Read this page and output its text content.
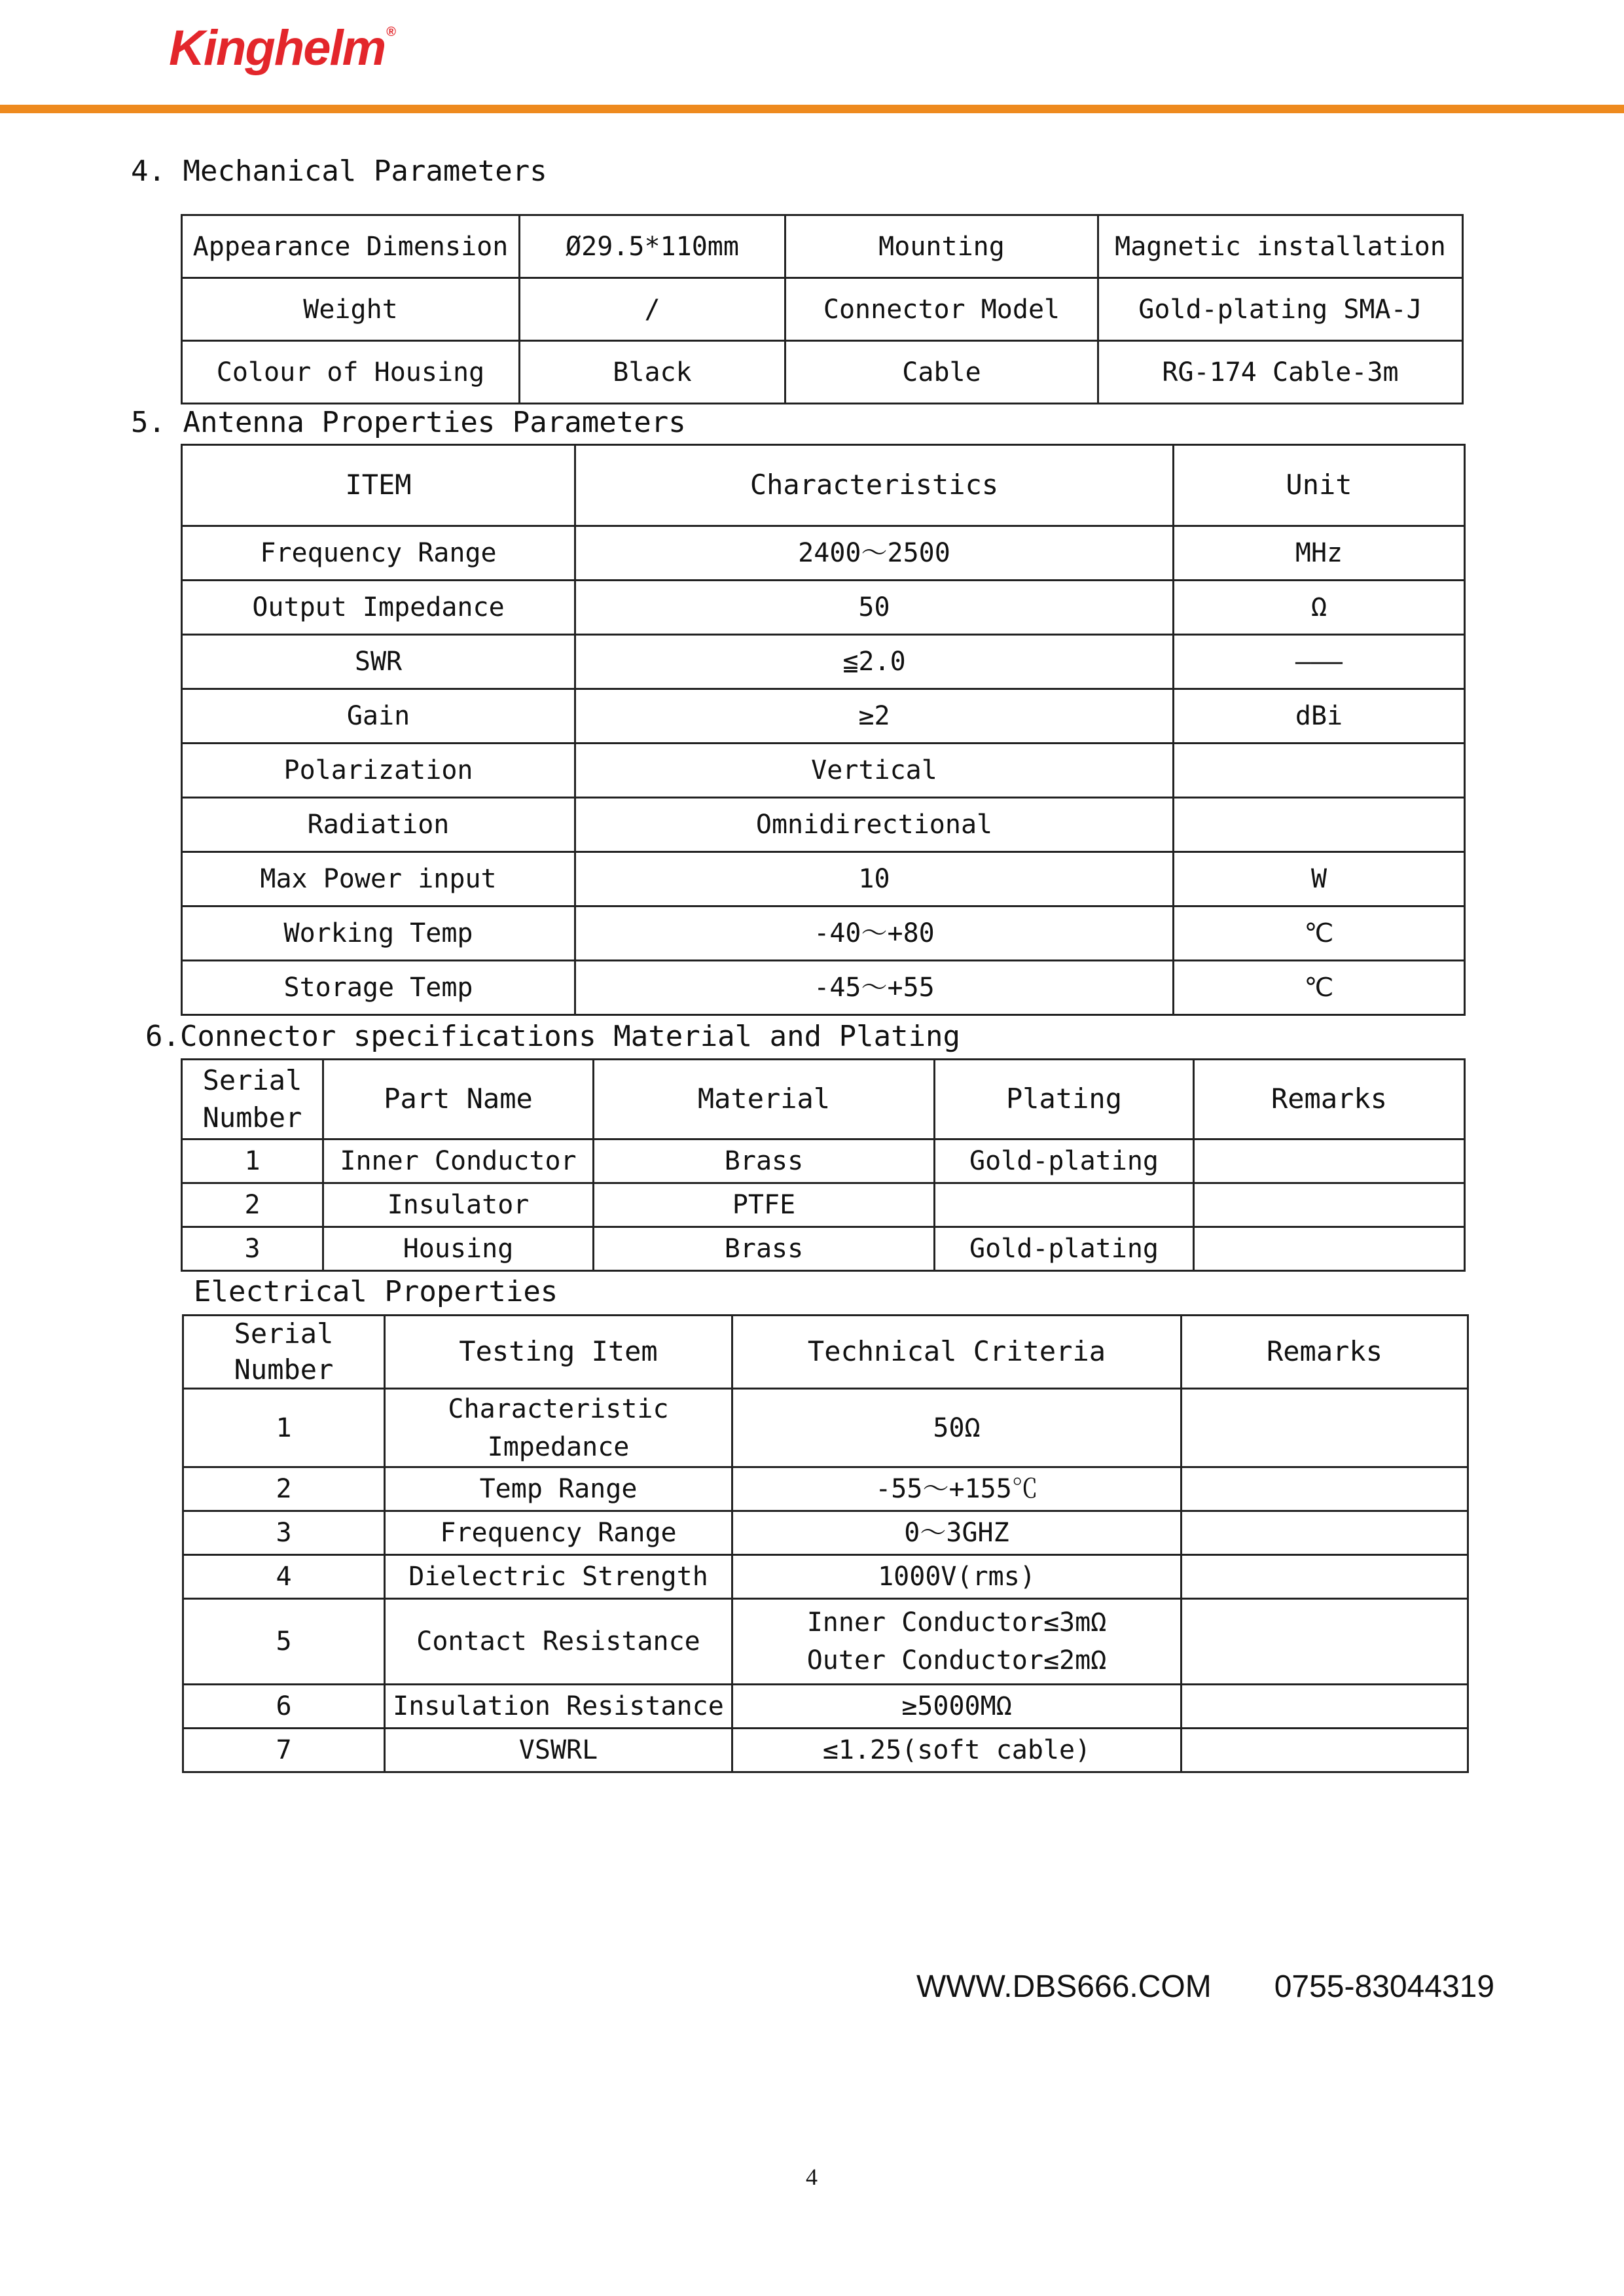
Kinghelm ®
4. Mechanical Parameters
Appearance Dimension	Ø29.5*110mm	Mounting	Magnetic installation
Weight	/	Connector Model	Gold-plating SMA-J
Colour of Housing	Black	Cable	RG-174 Cable-3m
5. Antenna Properties Parameters
ITEM	Characteristics	Unit
Frequency Range	2400～2500	MHz
Output Impedance	50	Ω
SWR	≦2.0	———
Gain	≥2	dBi
Polarization	Vertical	
Radiation	Omnidirectional	
Max Power input	10	W
Working Temp	-40～+80	℃
Storage Temp	-45～+55	℃
6.Connector specifications Material and Plating
Serial Number	Part Name	Material	Plating	Remarks
1	Inner Conductor	Brass	Gold-plating	
2	Insulator	PTFE		
3	Housing	Brass	Gold-plating	
Electrical Properties
Serial Number	Testing Item	Technical Criteria	Remarks
1	Characteristic Impedance	50Ω	
2	Temp Range	-55～+155℃	
3	Frequency Range	0～3GHZ	
4	Dielectric Strength	1000V(rms)	
5	Contact Resistance	Inner Conductor≤3mΩ Outer Conductor≤2mΩ	
6	Insulation Resistance	≥5000MΩ	
7	VSWRL	≤1.25(soft cable)	
WWW.DBS666.COM 0755-83044319
4
